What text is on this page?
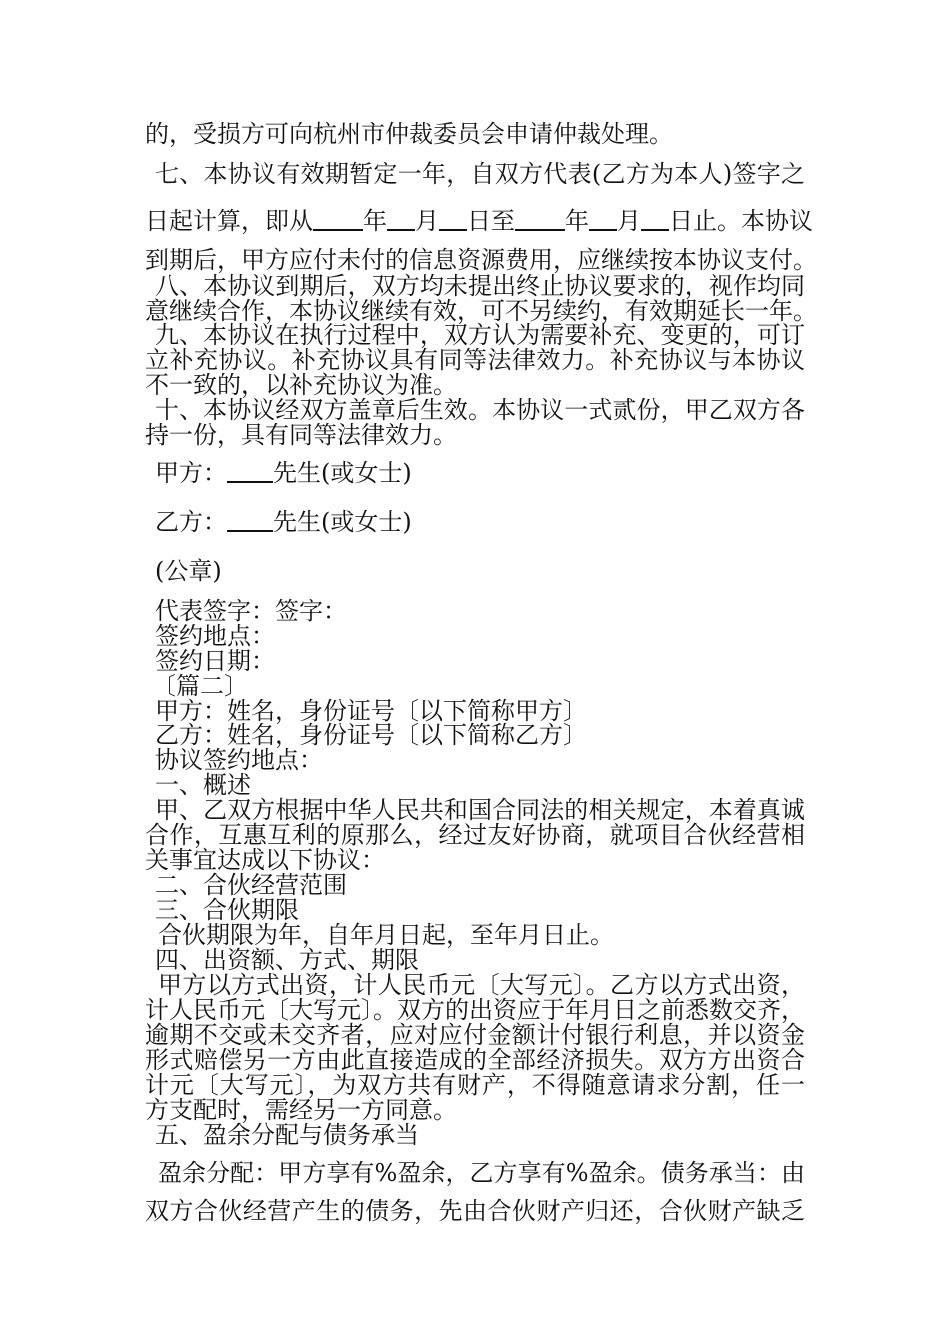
的，受损方可向杭州市仲裁委员会申请仲裁处理。

七、本协议有效期暂定一年，自双方代表(乙方为本人)签字之

日起计算，即从 年 月 日至 年 月 日止。本协议

到期后，甲方应付未付的信息资源费用，应继续按本协议支付。

八、本协议到期后，双方均未提出终止协议要求的，视作均同

意继续合作，本协议继续有效，可不另续约，有效期延长一年。

九、本协议在执行过程中，双方认为需要补充、变更的，可订

立补充协议。补充协议具有同等法律效力。补充协议与本协议

不一致的，以补充协议为准。

十、本协议经双方盖章后生效。本协议一式贰份，甲乙双方各

持一份，具有同等法律效力。

甲方： 先生(或女士)

乙方： 先生(或女士)

(公章)

代表签字：签字：

签约地点：

签约日期：

〔篇二〕

甲方：姓名，身份证号〔以下简称甲方〕

乙方：姓名，身份证号〔以下简称乙方〕

协议签约地点：

一、概述

甲、乙双方根据中华人民共和国合同法的相关规定，本着真诚

合作，互惠互利的原那么，经过友好协商，就项目合伙经营相

关事宜达成以下协议：

二、合伙经营范围

三、合伙期限

合伙期限为年，自年月日起，至年月日止。

四、出资额、方式、期限

甲方以方式出资，计人民币元〔大写元〕。乙方以方式出资，

计人民币元〔大写元〕。双方的出资应于年月日之前悉数交齐，

逾期不交或未交齐者，应对应付金额计付银行利息，并以资金

形式赔偿另一方由此直接造成的全部经济损失。双方方出资合

计元〔大写元〕，为双方共有财产，不得随意请求分割，任一

方支配时，需经另一方同意。

五、盈余分配与债务承当

盈余分配：甲方享有%盈余，乙方享有%盈余。债务承当：由

双方合伙经营产生的债务，先由合伙财产归还，合伙财产缺乏
